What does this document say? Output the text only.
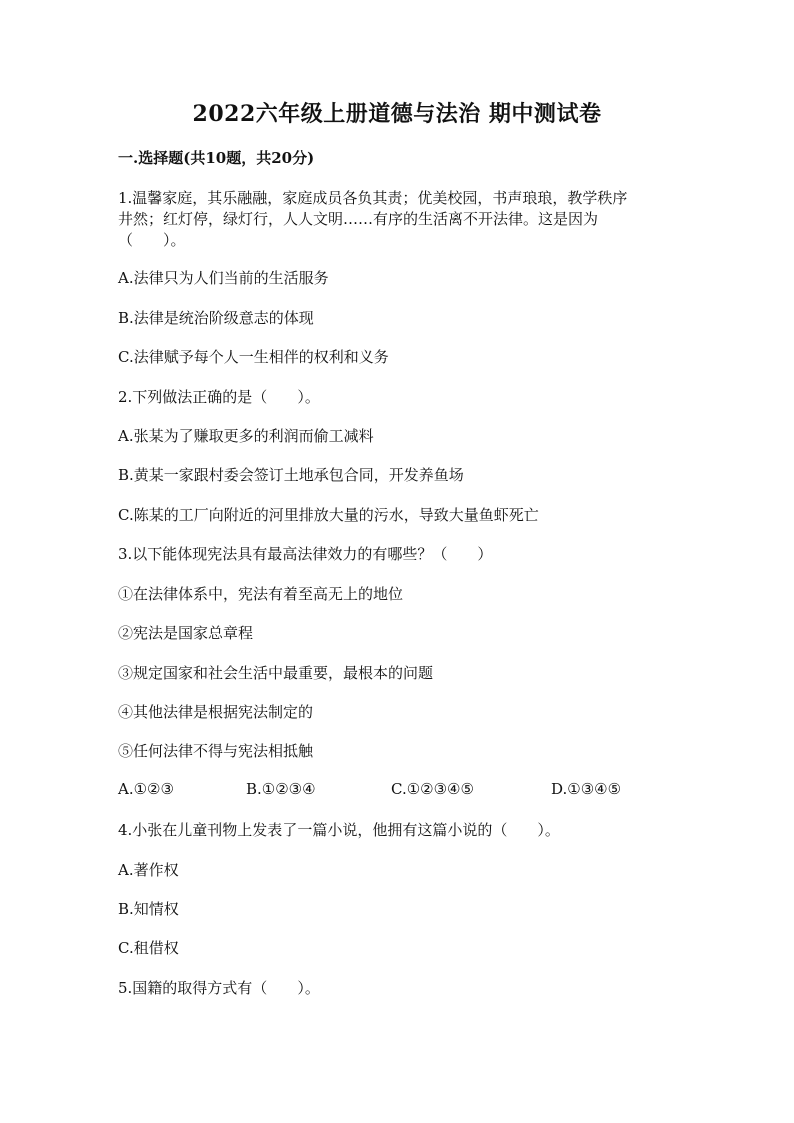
2022六年级上册道德与法治 期中测试卷
一.选择题(共10题，共20分)
1.温馨家庭，其乐融融，家庭成员各负其责；优美校园，书声琅琅，教学秩序
井然；红灯停，绿灯行，人人文明……有序的生活离不开法律。这是因为
（　　）。
A.法律只为人们当前的生活服务
B.法律是统治阶级意志的体现
C.法律赋予每个人一生相伴的权利和义务
2.下列做法正确的是（　　）。
A.张某为了赚取更多的利润而偷工减料
B.黄某一家跟村委会签订土地承包合同，开发养鱼场
C.陈某的工厂向附近的河里排放大量的污水，导致大量鱼虾死亡
3.以下能体现宪法具有最高法律效力的有哪些？（　　）
①在法律体系中，宪法有着至高无上的地位
②宪法是国家总章程
③规定国家和社会生活中最重要，最根本的问题
④其他法律是根据宪法制定的
⑤任何法律不得与宪法相抵触
A.①②③	B.①②③④	C.①②③④⑤	D.①③④⑤
4.小张在儿童刊物上发表了一篇小说，他拥有这篇小说的（　　）。
A.著作权
B.知情权
C.租借权
5.国籍的取得方式有（　　）。
